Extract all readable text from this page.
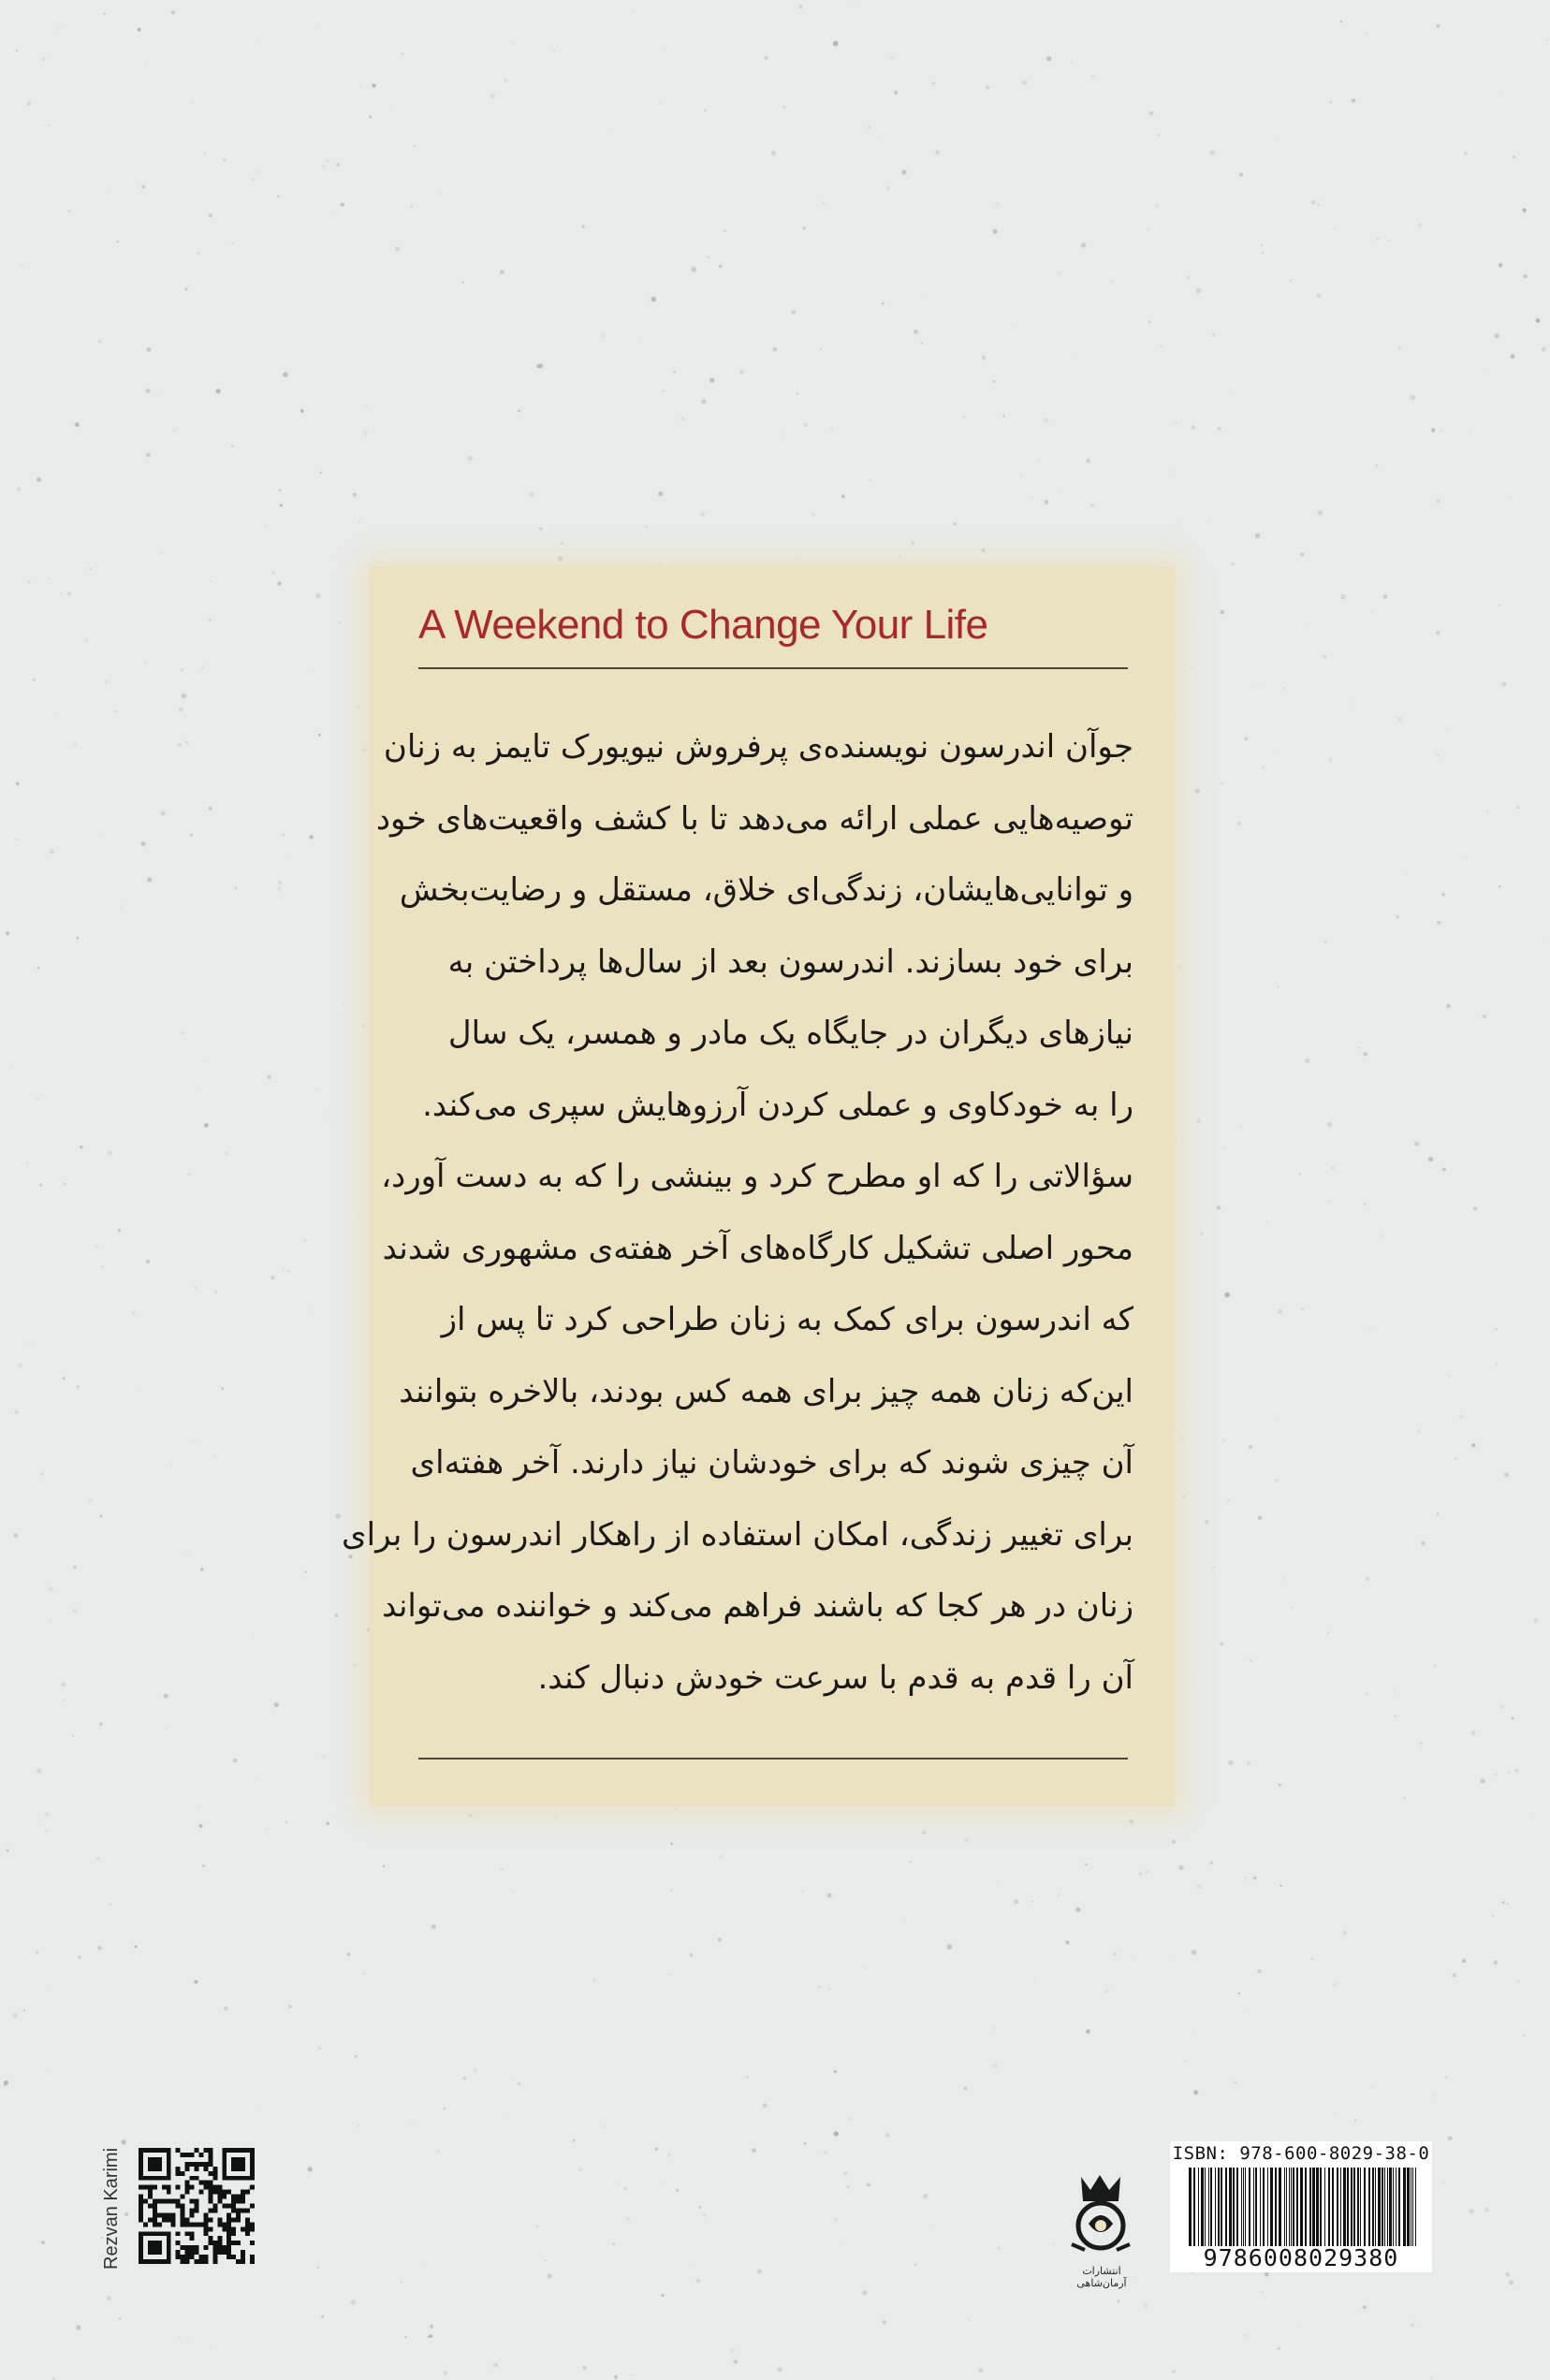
A Weekend to Change Your Life

جوآن اندرسون نویسنده‌ی پرفروش نیویورک تایمز به زنان

توصیه‌هایی عملی ارائه می‌دهد تا با کشف واقعیت‌های خود

و توانایی‌هایشان، زندگی‌ای خلاق، مستقل و رضایت‌بخش

برای خود بسازند. اندرسون بعد از سال‌ها پرداختن به

نیازهای دیگران در جایگاه یک مادر و همسر، یک سال

را به خودکاوی و عملی کردن آرزوهایش سپری می‌کند.

سؤالاتی را که او مطرح کرد و بینشی را که به دست آورد،

محور اصلی تشکیل کارگاه‌های آخر هفته‌ی مشهوری شدند

که اندرسون برای کمک به زنان طراحی کرد تا پس از

این‌که زنان همه چیز برای همه کس بودند، بالاخره بتوانند

آن چیزی شوند که برای خودشان نیاز دارند. آخر هفته‌ای

برای تغییر زندگی، امکان استفاده از راهکار اندرسون را برای

زنان در هر کجا که باشند فراهم می‌کند و خواننده می‌تواند

آن را قدم به قدم با سرعت خودش دنبال کند.

Rezvan Karimi
انتشارات آرمان‌شاهی
ISBN: 978-600-8029-38-0
9786008029380
